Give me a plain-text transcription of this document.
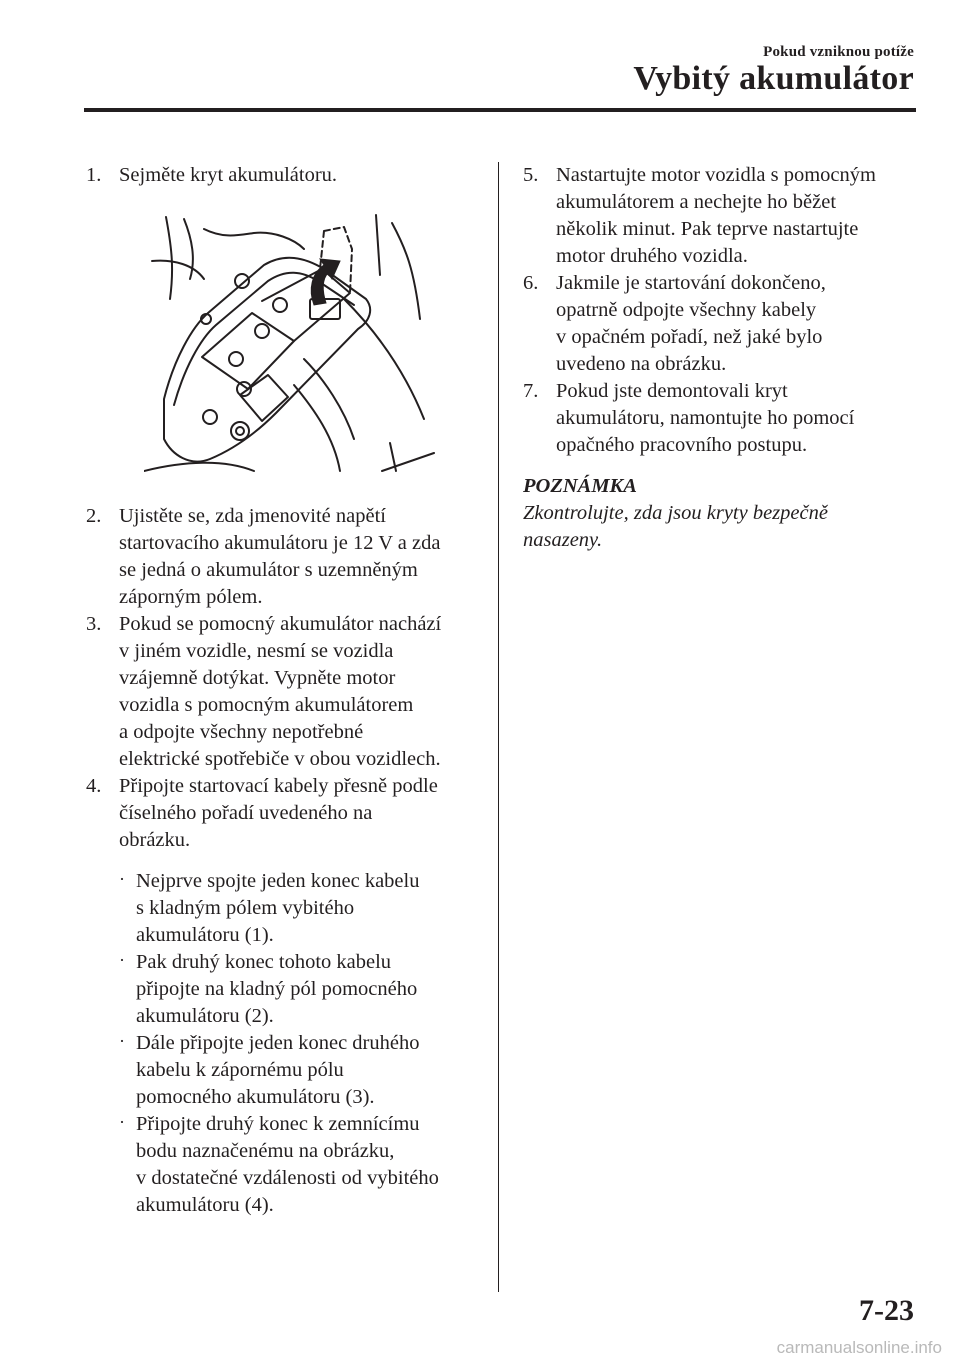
Pokud vzniknou potíže
Vybitý akumulátor
1. Sejměte kryt akumulátoru.
2. Ujistěte se, zda jmenovité napětí
startovacího akumulátoru je 12 V a zda
se jedná o akumulátor s uzemněným
záporným pólem.
3. Pokud se pomocný akumulátor nachází
v jiném vozidle, nesmí se vozidla
vzájemně dotýkat. Vypněte motor
vozidla s pomocným akumulátorem
a odpojte všechny nepotřebné
elektrické spotřebiče v obou vozidlech.
4. Připojte startovací kabely přesně podle
číselného pořadí uvedeného na
obrázku.
· Nejprve spojte jeden konec kabelu
s kladným pólem vybitého
akumulátoru (1).
· Pak druhý konec tohoto kabelu
připojte na kladný pól pomocného
akumulátoru (2).
· Dále připojte jeden konec druhého
kabelu k zápornému pólu
pomocného akumulátoru (3).
· Připojte druhý konec k zemnícímu
bodu naznačenému na obrázku,
v dostatečné vzdálenosti od vybitého
akumulátoru (4).
5. Nastartujte motor vozidla s pomocným
akumulátorem a nechejte ho běžet
několik minut. Pak teprve nastartujte
motor druhého vozidla.
6. Jakmile je startování dokončeno,
opatrně odpojte všechny kabely
v opačném pořadí, než jaké bylo
uvedeno na obrázku.
7. Pokud jste demontovali kryt
akumulátoru, namontujte ho pomocí
opačného pracovního postupu.
POZNÁMKA
Zkontrolujte, zda jsou kryty bezpečně
nasazeny.
7-23
carmanualsonline.info
